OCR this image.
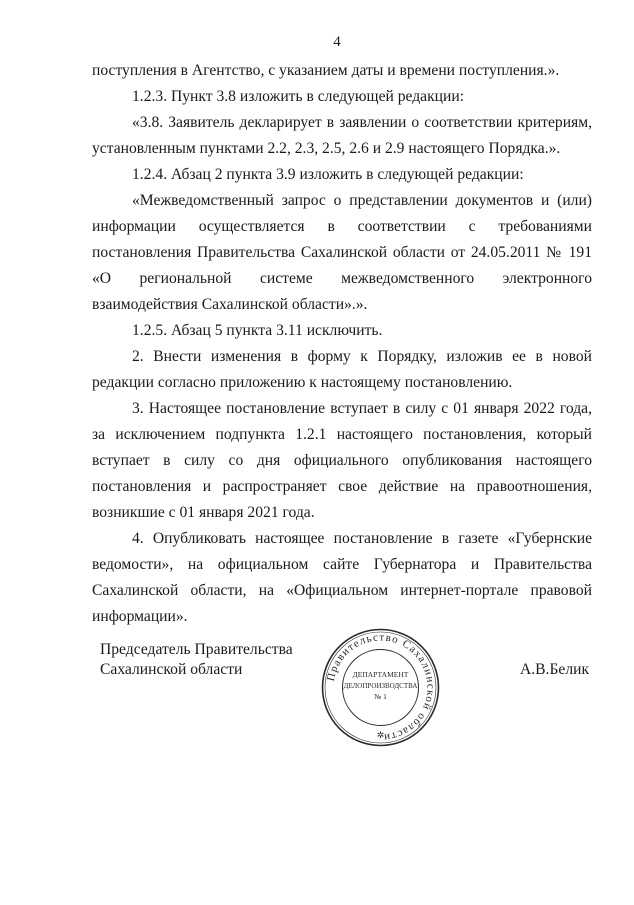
4

поступления в Агентство, с указанием даты и времени поступления.».

1.2.3. Пункт 3.8 изложить в следующей редакции:

«3.8. Заявитель декларирует в заявлении о соответствии критериям, установленным пунктами 2.2, 2.3, 2.5, 2.6 и 2.9 настоящего Порядка.».

1.2.4. Абзац 2 пункта 3.9 изложить в следующей редакции:

«Межведомственный запрос о представлении документов и (или) информации осуществляется в соответствии с требованиями постановления Правительства Сахалинской области от 24.05.2011 № 191 «О региональной системе межведомственного электронного взаимодействия Сахалинской области».».

1.2.5. Абзац 5 пункта 3.11 исключить.

2. Внести изменения в форму к Порядку, изложив ее в новой редакции согласно приложению к настоящему постановлению.

3. Настоящее постановление вступает в силу с 01 января 2022 года, за исключением подпункта 1.2.1 настоящего постановления, который вступает в силу со дня официального опубликования настоящего постановления и распространяет свое действие на правоотношения, возникшие с 01 января 2021 года.

4. Опубликовать настоящее постановление в газете «Губернские ведомости», на официальном сайте Губернатора и Правительства Сахалинской области, на «Официальном интернет-портале правовой информации».

Председатель Правительства
Сахалинской области	А.В.Белик
Правительство Сахалинской области
ДЕПАРТАМЕНТ
ДЕЛОПРОИЗВОДСТВА
№ 1
✲
